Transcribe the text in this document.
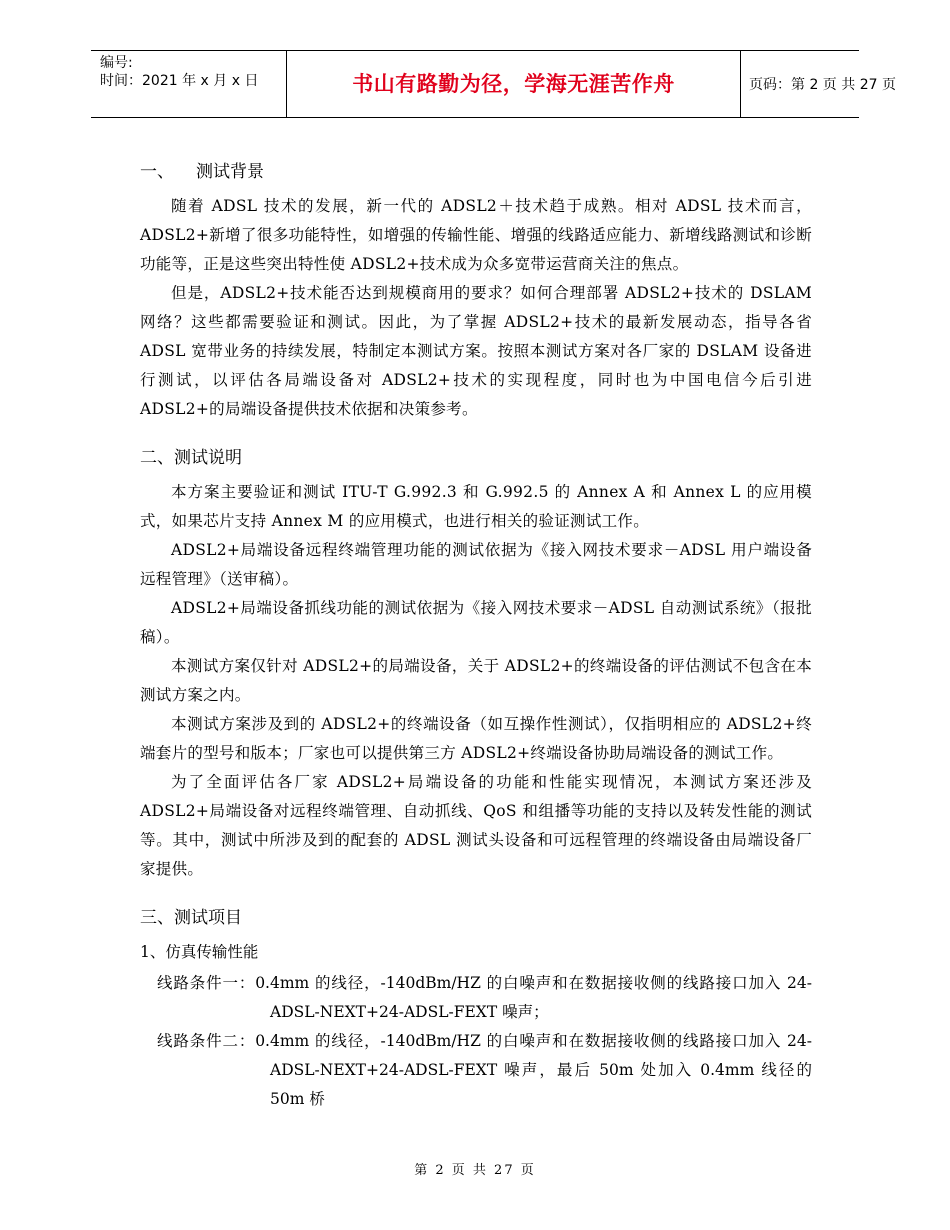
编号:
时间：2021 年 x 月 x 日	书山有路勤为径，学海无涯苦作舟	页码：第 2 页 共 27 页
一、 测试背景

随着 ADSL 技术的发展，新一代的 ADSL2＋技术趋于成熟。相对 ADSL 技术而言，ADSL2+新增了很多功能特性，如增强的传输性能、增强的线路适应能力、新增线路测试和诊断功能等，正是这些突出特性使 ADSL2+技术成为众多宽带运营商关注的焦点。

但是，ADSL2+技术能否达到规模商用的要求？如何合理部署 ADSL2+技术的 DSLAM 网络？这些都需要验证和测试。因此，为了掌握 ADSL2+技术的最新发展动态，指导各省 ADSL 宽带业务的持续发展，特制定本测试方案。按照本测试方案对各厂家的 DSLAM 设备进行测试，以评估各局端设备对 ADSL2+技术的实现程度，同时也为中国电信今后引进 ADSL2+的局端设备提供技术依据和决策参考。

二、测试说明

本方案主要验证和测试 ITU-T G.992.3 和 G.992.5 的 Annex A 和 Annex L 的应用模式，如果芯片支持 Annex M 的应用模式，也进行相关的验证测试工作。

ADSL2+局端设备远程终端管理功能的测试依据为《接入网技术要求－ADSL 用户端设备远程管理》（送审稿）。

ADSL2+局端设备抓线功能的测试依据为《接入网技术要求－ADSL 自动测试系统》（报批稿）。

本测试方案仅针对 ADSL2+的局端设备，关于 ADSL2+的终端设备的评估测试不包含在本测试方案之内。

本测试方案涉及到的 ADSL2+的终端设备（如互操作性测试），仅指明相应的 ADSL2+终端套片的型号和版本；厂家也可以提供第三方 ADSL2+终端设备协助局端设备的测试工作。

为了全面评估各厂家 ADSL2+局端设备的功能和性能实现情况，本测试方案还涉及 ADSL2+局端设备对远程终端管理、自动抓线、QoS 和组播等功能的支持以及转发性能的测试等。其中，测试中所涉及到的配套的 ADSL 测试头设备和可远程管理的终端设备由局端设备厂家提供。

三、测试项目

1、仿真传输性能

线路条件一：0.4mm 的线径，-140dBm/HZ 的白噪声和在数据接收侧的线路接口加入 24-ADSL-NEXT+24-ADSL-FEXT 噪声；

线路条件二：0.4mm 的线径，-140dBm/HZ 的白噪声和在数据接收侧的线路接口加入 24-ADSL-NEXT+24-ADSL-FEXT 噪声，最后 50m 处加入 0.4mm 线径的 50m 桥

第 2 页 共 27 页
